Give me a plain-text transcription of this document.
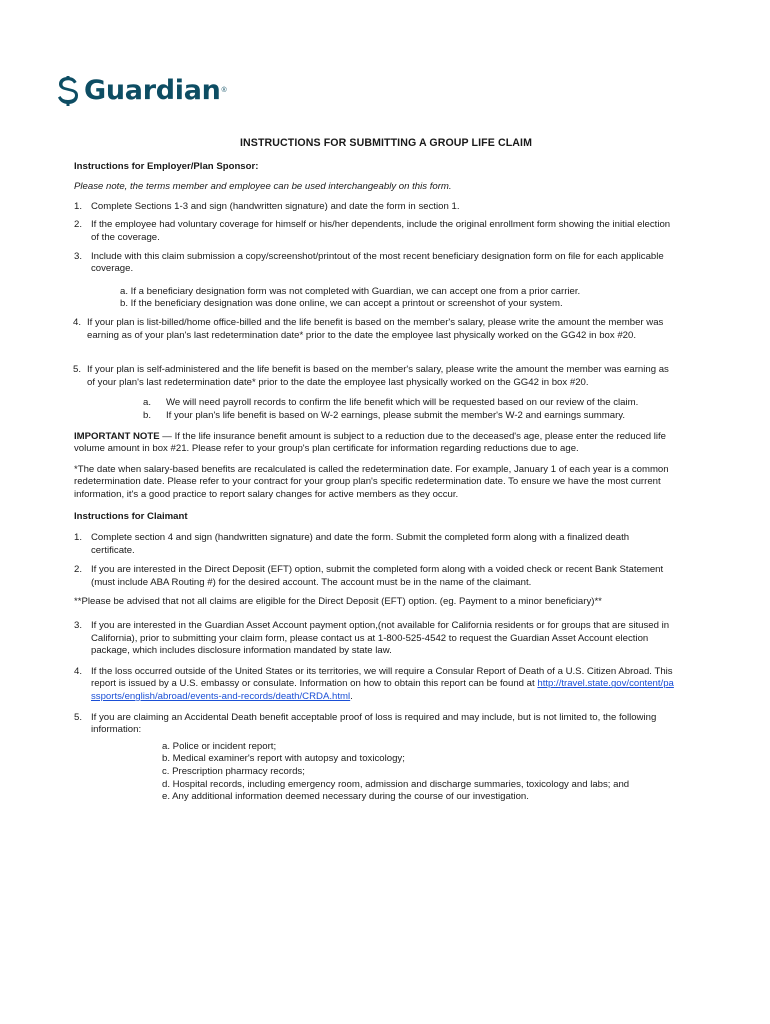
Guardian ®
INSTRUCTIONS FOR SUBMITTING A GROUP LIFE CLAIM
Instructions for Employer/Plan Sponsor:
Please note, the terms member and employee can be used interchangeably on this form.
1. Complete Sections 1-3 and sign (handwritten signature) and date the form in section 1.
2. If the employee had voluntary coverage for himself or his/her dependents, include the original enrollment form showing the initial election of the coverage.
3. Include with this claim submission a copy/screenshot/printout of the most recent beneficiary designation form on file for each applicable coverage.
a. If a beneficiary designation form was not completed with Guardian, we can accept one from a prior carrier.
b. If the beneficiary designation was done online, we can accept a printout or screenshot of your system.
4. If your plan is list-billed/home office-billed and the life benefit is based on the member's salary, please write the amount the member was earning as of your plan's last redetermination date* prior to the date the employee last physically worked on the GG42 in box #20.
5. If your plan is self-administered and the life benefit is based on the member's salary, please write the amount the member was earning as of your plan's last redetermination date* prior to the date the employee last physically worked on the GG42 in box #20.
a.	We will need payroll records to confirm the life benefit which will be requested based on our review of the claim.
b.	If your plan's life benefit is based on W-2 earnings, please submit the member's W-2 and earnings summary.
IMPORTANT NOTE — If the life insurance benefit amount is subject to a reduction due to the deceased's age, please enter the reduced life volume amount in box #21. Please refer to your group's plan certificate for information regarding reductions due to age.
*The date when salary-based benefits are recalculated is called the redetermination date. For example, January 1 of each year is a common redetermination date. Please refer to your contract for your group plan's specific redetermination date. To ensure we have the most current information, it's a good practice to report salary changes for active members as they occur.
Instructions for Claimant
1. Complete section 4 and sign (handwritten signature) and date the form. Submit the completed form along with a finalized death certificate.
2. If you are interested in the Direct Deposit (EFT) option, submit the completed form along with a voided check or recent Bank Statement (must include ABA Routing #) for the desired account. The account must be in the name of the claimant.
**Please be advised that not all claims are eligible for the Direct Deposit (EFT) option. (eg. Payment to a minor beneficiary)**
3. If you are interested in the Guardian Asset Account payment option,(not available for California residents or for groups that are sitused in California), prior to submitting your claim form, please contact us at 1-800-525-4542 to request the Guardian Asset Account election package, which includes disclosure information mandated by state law.
4. If the loss occurred outside of the United States or its territories, we will require a Consular Report of Death of a U.S. Citizen Abroad. This report is issued by a U.S. embassy or consulate. Information on how to obtain this report can be found at http://travel.state.gov/content/passports/english/abroad/events-and-records/death/CRDA.html.
5. If you are claiming an Accidental Death benefit acceptable proof of loss is required and may include, but is not limited to, the following information:
a. Police or incident report;
b. Medical examiner's report with autopsy and toxicology;
c. Prescription pharmacy records;
d. Hospital records, including emergency room, admission and discharge summaries, toxicology and labs; and
e. Any additional information deemed necessary during the course of our investigation.
